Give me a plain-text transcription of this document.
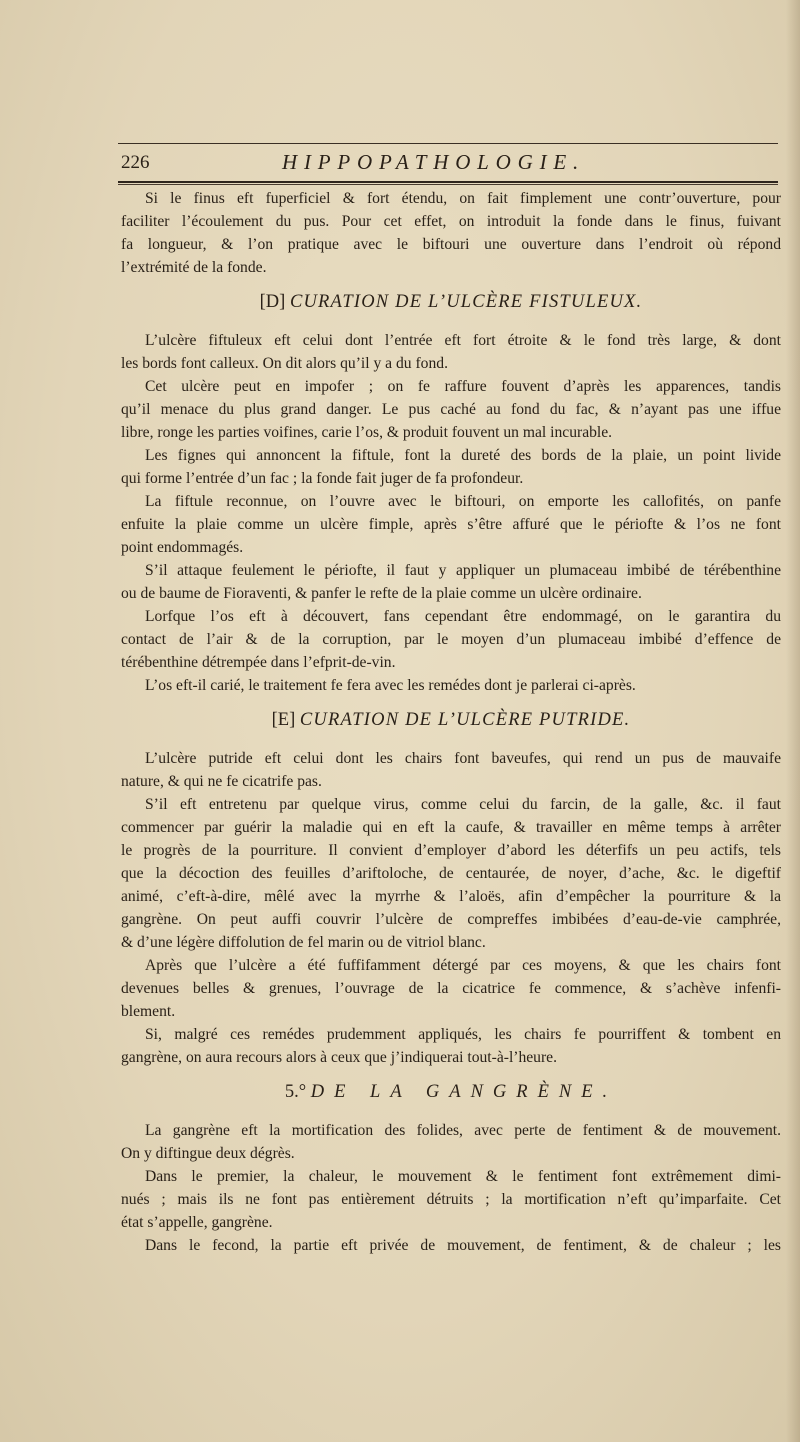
226	HIPPOPATHOLOGIE.
Si le finus eft fuperficiel & fort étendu, on fait fimplement une contr’ouverture, pour
faciliter l’écoulement du pus. Pour cet effet, on introduit la fonde dans le finus, fuivant
fa longueur, & l’on pratique avec le biftouri une ouverture dans l’endroit où répond
l’extrémité de la fonde.
[D] CURATION DE L’ULCÈRE FISTULEUX.
L’ulcère fiftuleux eft celui dont l’entrée eft fort étroite & le fond très large, & dont
les bords font calleux. On dit alors qu’il y a du fond.
Cet ulcère peut en impofer ; on fe raffure fouvent d’après les apparences, tandis
qu’il menace du plus grand danger. Le pus caché au fond du fac, & n’ayant pas une iffue
libre, ronge les parties voifines, carie l’os, & produit fouvent un mal incurable.
Les fignes qui annoncent la fiftule, font la dureté des bords de la plaie, un point livide
qui forme l’entrée d’un fac ; la fonde fait juger de fa profondeur.
La fiftule reconnue, on l’ouvre avec le biftouri, on emporte les callofités, on panfe
enfuite la plaie comme un ulcère fimple, après s’être affuré que le périofte & l’os ne font
point endommagés.
S’il attaque feulement le périofte, il faut y appliquer un plumaceau imbibé de térébenthine
ou de baume de Fioraventi, & panfer le refte de la plaie comme un ulcère ordinaire.
Lorfque l’os eft à découvert, fans cependant être endommagé, on le garantira du
contact de l’air & de la corruption, par le moyen d’un plumaceau imbibé d’effence de
térébenthine détrempée dans l’efprit-de-vin.
L’os eft-il carié, le traitement fe fera avec les remédes dont je parlerai ci-après.
[E] CURATION DE L’ULCÈRE PUTRIDE.
L’ulcère putride eft celui dont les chairs font baveufes, qui rend un pus de mauvaife
nature, & qui ne fe cicatrife pas.
S’il eft entretenu par quelque virus, comme celui du farcin, de la galle, &c. il faut
commencer par guérir la maladie qui en eft la caufe, & travailler en même temps à arrêter
le progrès de la pourriture. Il convient d’employer d’abord les déterfifs un peu actifs, tels
que la décoction des feuilles d’ariftoloche, de centaurée, de noyer, d’ache, &c. le digeftif
animé, c’eft-à-dire, mêlé avec la myrrhe & l’aloës, afin d’empêcher la pourriture & la
gangrène. On peut auffi couvrir l’ulcère de compreffes imbibées d’eau-de-vie camphrée,
& d’une légère diffolution de fel marin ou de vitriol blanc.
Après que l’ulcère a été fuffifamment détergé par ces moyens, & que les chairs font
devenues belles & grenues, l’ouvrage de la cicatrice fe commence, & s’achève infenfi-
blement.
Si, malgré ces remédes prudemment appliqués, les chairs fe pourriffent & tombent en
gangrène, on aura recours alors à ceux que j’indiquerai tout-à-l’heure.
5.° DE LA GANGRÈNE.
La gangrène eft la mortification des folides, avec perte de fentiment & de mouvement.
On y diftingue deux dégrès.
Dans le premier, la chaleur, le mouvement & le fentiment font extrêmement dimi-
nués ; mais ils ne font pas entièrement détruits ; la mortification n’eft qu’imparfaite. Cet
état s’appelle, gangrène.
Dans le fecond, la partie eft privée de mouvement, de fentiment, & de chaleur ; les
